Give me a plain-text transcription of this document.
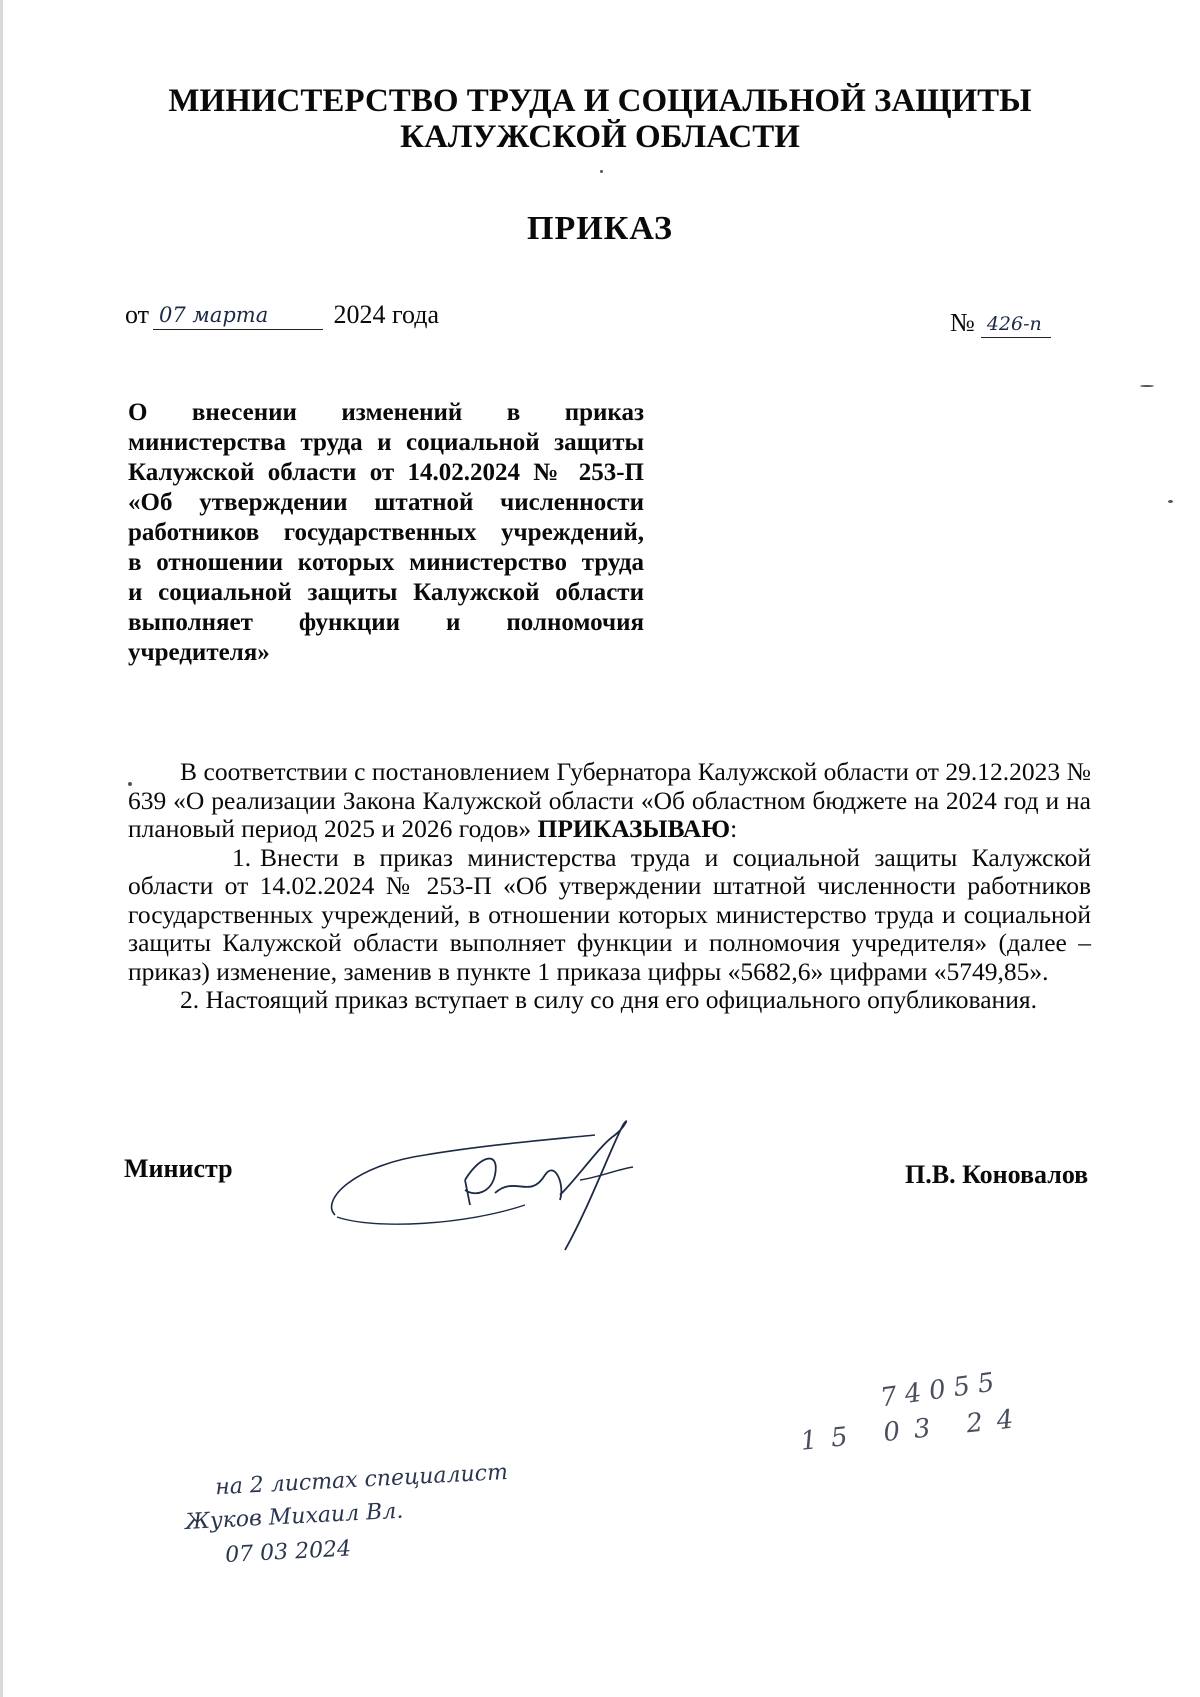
МИНИСТЕРСТВО ТРУДА И СОЦИАЛЬНОЙ ЗАЩИТЫ
КАЛУЖСКОЙ ОБЛАСТИ
ПРИКАЗ
от 07 марта	2024 года	№ 426-п
О внесении изменений в приказ
министерства труда и социальной защиты
Калужской области от 14.02.2024 № 253-П
«Об утверждении штатной численности
работников государственных учреждений,
в отношении которых министерство труда
и социальной защиты Калужской области
выполняет функции и полномочия
учредителя»

В соответствии с постановлением Губернатора Калужской области от 29.12.2023 № 639 «О реализации Закона Калужской области «Об областном бюджете на 2024 год и на плановый период 2025 и 2026 годов» ПРИКАЗЫВАЮ:

1. Внести в приказ министерства труда и социальной защиты Калужской области от 14.02.2024 № 253-П «Об утверждении штатной численности работников государственных учреждений, в отношении которых министерство труда и социальной защиты Калужской области выполняет функции и полномочия учредителя» (далее – приказ) изменение, заменив в пункте 1 приказа цифры «5682,6» цифрами «5749,85».

2. Настоящий приказ вступает в силу со дня его официального опубликования.

Министр	П.В. Коновалов
74055
15 03 24
на 2 листах специалист
Жуков Михаил Вл.
07 03 2024
